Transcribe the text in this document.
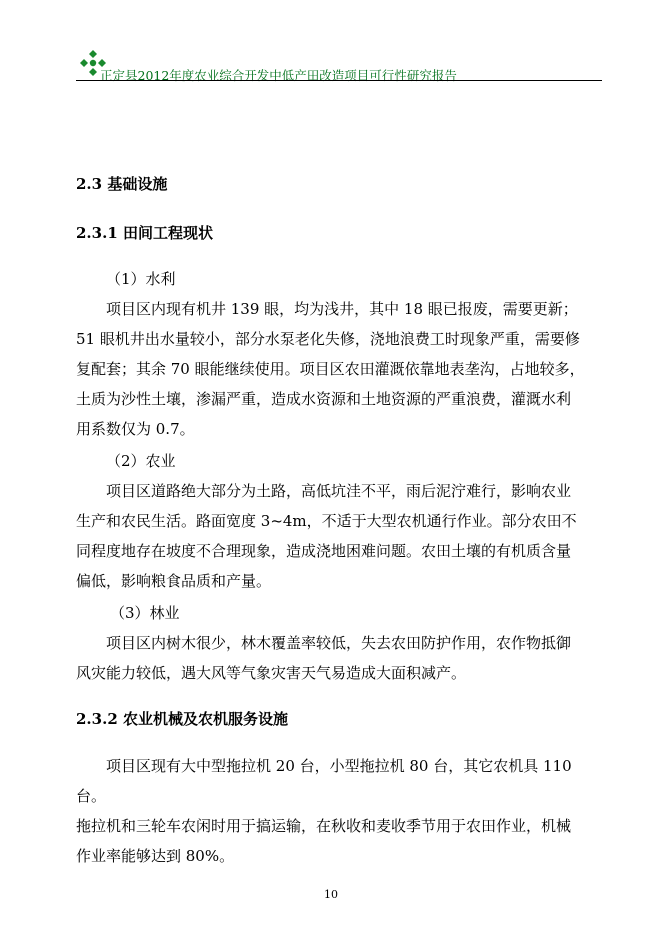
正定县2012年度农业综合开发中低产田改造项目可行性研究报告
2.3 基础设施
2.3.1 田间工程现状
（1）水利

项目区内现有机井 139 眼，均为浅井，其中 18 眼已报废，需要更新；
51 眼机井出水量较小，部分水泵老化失修，浇地浪费工时现象严重，需要修
复配套；其余 70 眼能继续使用。项目区农田灌溉依靠地表垄沟，占地较多，
土质为沙性土壤，渗漏严重，造成水资源和土地资源的严重浪费，灌溉水利
用系数仅为 0.7。

（2）农业

项目区道路绝大部分为土路，高低坑洼不平，雨后泥泞难行，影响农业
生产和农民生活。路面宽度 3~4m，不适于大型农机通行作业。部分农田不
同程度地存在坡度不合理现象，造成浇地困难问题。农田土壤的有机质含量
偏低，影响粮食品质和产量。

（3）林业

项目区内树木很少，林木覆盖率较低，失去农田防护作用，农作物抵御
风灾能力较低，遇大风等气象灾害天气易造成大面积减产。

2.3.2 农业机械及农机服务设施

项目区现有大中型拖拉机 20 台，小型拖拉机 80 台，其它农机具 110 台。
拖拉机和三轮车农闲时用于搞运输，在秋收和麦收季节用于农田作业，机械
作业率能够达到 80%。

10
